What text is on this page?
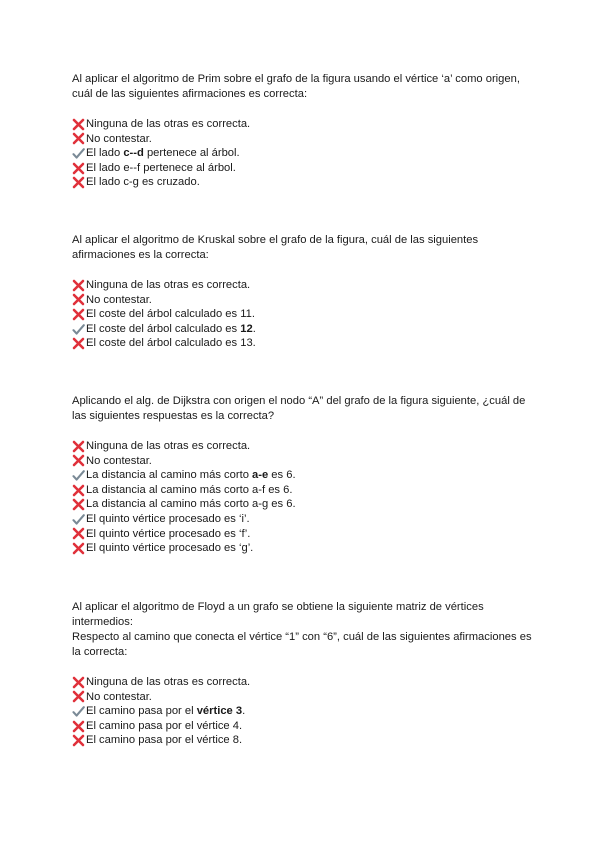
Al aplicar el algoritmo de Prim sobre el grafo de la figura usando el vértice ‘a’ como origen, cuál de las siguientes afirmaciones es correcta:

Ninguna de las otras es correcta.
No contestar.
El lado c--d pertenece al árbol.
El lado e--f pertenece al árbol.
El lado c-g es cruzado.

Al aplicar el algoritmo de Kruskal sobre el grafo de la figura, cuál de las siguientes afirmaciones es la correcta:

Ninguna de las otras es correcta.
No contestar.
El coste del árbol calculado es 11.
El coste del árbol calculado es 12.
El coste del árbol calculado es 13.

Aplicando el alg. de Dijkstra con origen el nodo “A” del grafo de la figura siguiente, ¿cuál de las siguientes respuestas es la correcta?

Ninguna de las otras es correcta.
No contestar.
La distancia al camino más corto a-e es 6.
La distancia al camino más corto a-f es 6.
La distancia al camino más corto a-g es 6.
El quinto vértice procesado es ‘i’.
El quinto vértice procesado es ‘f’.
El quinto vértice procesado es ‘g’.

Al aplicar el algoritmo de Floyd a un grafo se obtiene la siguiente matriz de vértices intermedios:

Respecto al camino que conecta el vértice “1” con “6”, cuál de las siguientes afirmaciones es la correcta:

Ninguna de las otras es correcta.
No contestar.
El camino pasa por el vértice 3.
El camino pasa por el vértice 4.
El camino pasa por el vértice 8.
